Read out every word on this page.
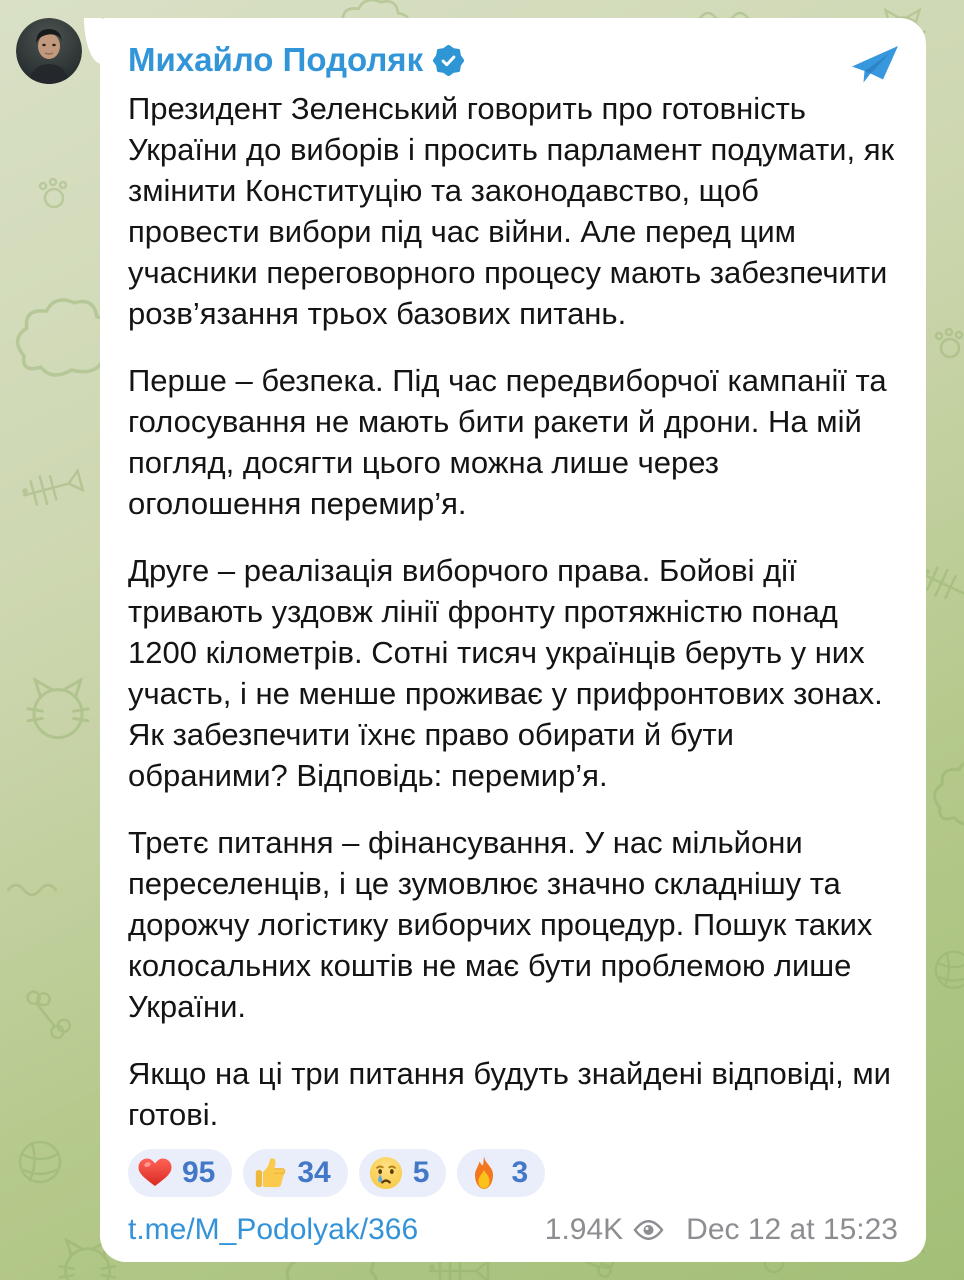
Михайло Подоляк

Президент Зеленський говорить про готовність України до виборів і просить парламент подумати, як змінити Конституцію та законодавство, щоб провести вибори під час війни. Але перед цим учасники переговорного процесу мають забезпечити розв’язання трьох базових питань.

Перше – безпека. Під час передвиборчої кампанії та голосування не мають бити ракети й дрони. На мій погляд, досягти цього можна лише через оголошення перемир’я.

Друге – реалізація виборчого права. Бойові дії тривають уздовж лінії фронту протяжністю понад 1200 кілометрів. Сотні тисяч українців беруть у них участь, і не менше проживає у прифронтових зонах. Як забезпечити їхнє право обирати й бути обраними? Відповідь: перемир’я.

Третє питання – фінансування. У нас мільйони переселенців, і це зумовлює значно складнішу та дорожчу логістику виборчих процедур. Пошук таких колосальних коштів не має бути проблемою лише України.

Якщо на ці три питання будуть знайдені відповіді, ми готові.

95	34	5	3
t.me/M_Podolyak/366	1.94K Dec 12 at 15:23
